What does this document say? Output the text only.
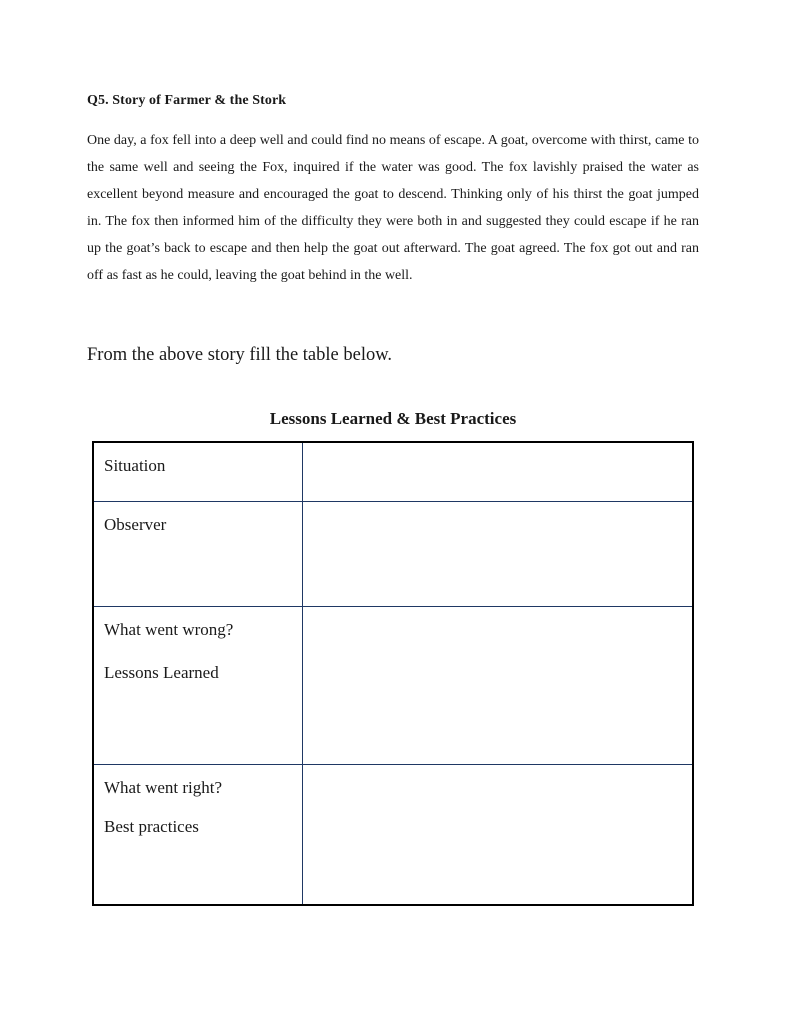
Q5. Story of Farmer & the Stork

One day, a fox fell into a deep well and could find no means of escape. A goat, overcome with thirst, came to the same well and seeing the Fox, inquired if the water was good. The fox lavishly praised the water as excellent beyond measure and encouraged the goat to descend. Thinking only of his thirst the goat jumped in. The fox then informed him of the difficulty they were both in and suggested they could escape if he ran up the goat’s back to escape and then help the goat out afterward. The goat agreed. The fox got out and ran off as fast as he could, leaving the goat behind in the well.

From the above story fill the table below.
Lessons Learned & Best Practices
Situation	

Observer	

What went wrong?
Lessons Learned	

What went right?
Best practices	
